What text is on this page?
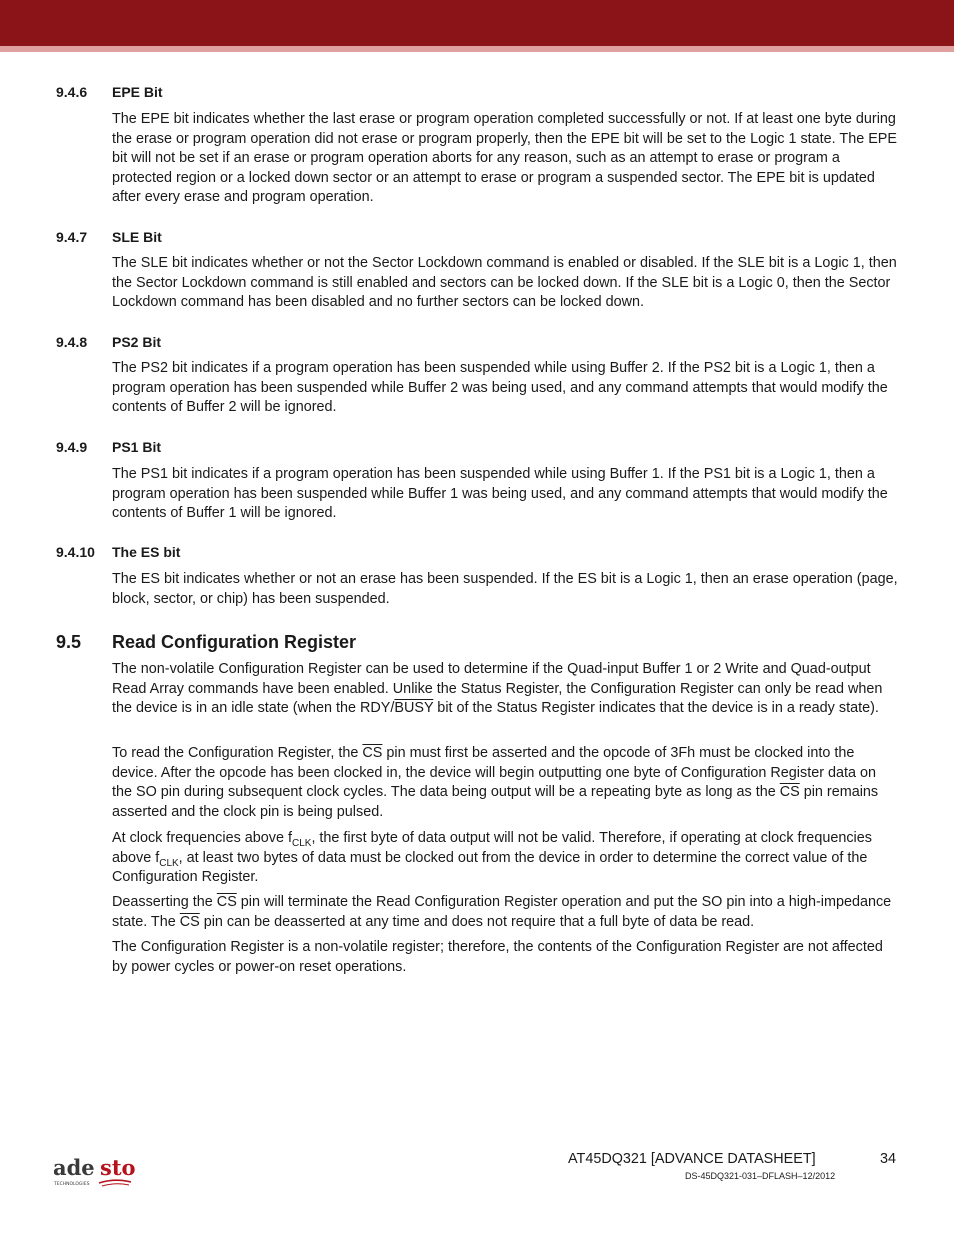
9.4.6 EPE Bit
The EPE bit indicates whether the last erase or program operation completed successfully or not. If at least one byte during the erase or program operation did not erase or program properly, then the EPE bit will be set to the Logic 1 state. The EPE bit will not be set if an erase or program operation aborts for any reason, such as an attempt to erase or program a protected region or a locked down sector or an attempt to erase or program a suspended sector. The EPE bit is updated after every erase and program operation.
9.4.7 SLE Bit
The SLE bit indicates whether or not the Sector Lockdown command is enabled or disabled. If the SLE bit is a Logic 1, then the Sector Lockdown command is still enabled and sectors can be locked down. If the SLE bit is a Logic 0, then the Sector Lockdown command has been disabled and no further sectors can be locked down.
9.4.8 PS2 Bit
The PS2 bit indicates if a program operation has been suspended while using Buffer 2. If the PS2 bit is a Logic 1, then a program operation has been suspended while Buffer 2 was being used, and any command attempts that would modify the contents of Buffer 2 will be ignored.
9.4.9 PS1 Bit
The PS1 bit indicates if a program operation has been suspended while using Buffer 1. If the PS1 bit is a Logic 1, then a program operation has been suspended while Buffer 1 was being used, and any command attempts that would modify the contents of Buffer 1 will be ignored.
9.4.10 The ES bit
The ES bit indicates whether or not an erase has been suspended. If the ES bit is a Logic 1, then an erase operation (page, block, sector, or chip) has been suspended.
9.5 Read Configuration Register
The non-volatile Configuration Register can be used to determine if the Quad-input Buffer 1 or 2 Write and Quad-output Read Array commands have been enabled. Unlike the Status Register, the Configuration Register can only be read when the device is in an idle state (when the RDY/BUSY bit of the Status Register indicates that the device is in a ready state).
To read the Configuration Register, the $\overline{CS}$ pin must first be asserted and the opcode of 3Fh must be clocked into the device. After the opcode has been clocked in, the device will begin outputting one byte of Configuration Register data on the SO pin during subsequent clock cycles. The data being output will be a repeating byte as long as the $\overline{CS}$ pin remains asserted and the clock pin is being pulsed.
At clock frequencies above $f_{CLK}$, the first byte of data output will not be valid. Therefore, if operating at clock frequencies above $f_{CLK}$, at least two bytes of data must be clocked out from the device in order to determine the correct value of the Configuration Register.
Deasserting the $\overline{CS}$ pin will terminate the Read Configuration Register operation and put the SO pin into a high-impedance state. The $\overline{CS}$ pin can be deasserted at any time and does not require that a full byte of data be read.
The Configuration Register is a non-volatile register; therefore, the contents of the Configuration Register are not affected by power cycles or power-on reset operations.
ade sto
TECHNOLOGIES
AT45DQ321 [ADVANCE DATASHEET]	34
DS-45DQ321-031–DFLASH–12/2012
